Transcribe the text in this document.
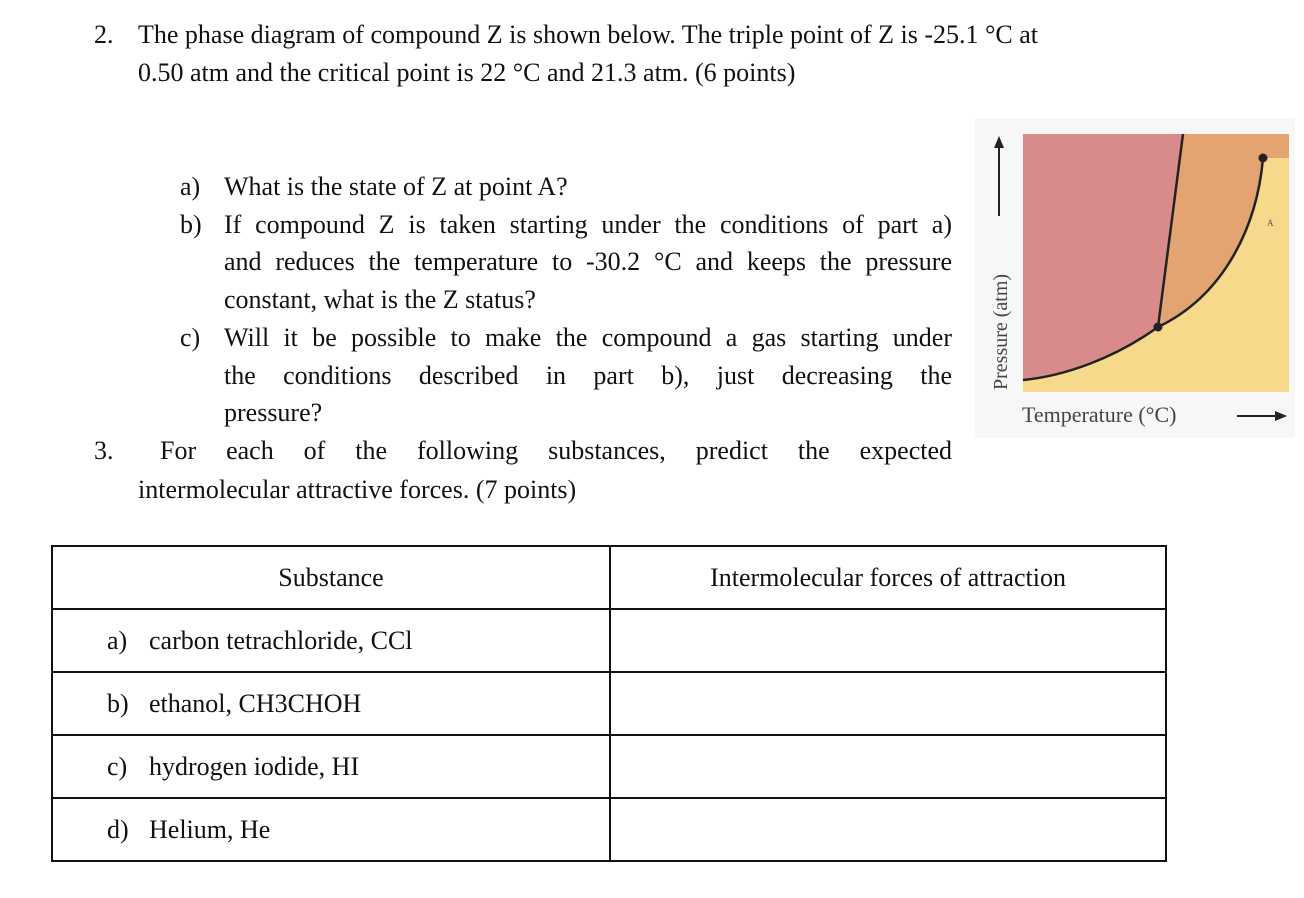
2. The phase diagram of compound Z is shown below. The triple point of Z is -25.1 °C at
0.50 atm and the critical point is 22 °C and 21.3 atm. (6 points)
a) What is the state of Z at point A?
b) If compound Z is taken starting under the conditions of part a)
and reduces the temperature to -30.2 °C and keeps the pressure
constant, what is the Z status?
c) Will it be possible to make the compound a gas starting under
the conditions described in part b), just decreasing the
pressure?
3. For each of the following substances, predict the expected
intermolecular attractive forces. (7 points)
A
Pressure (atm)
Temperature (°C)
Substance	Intermolecular forces of attraction
a) carbon tetrachloride, CCl	
b) ethanol, CH3CHOH	
c) hydrogen iodide, HI	
d) Helium, He	
